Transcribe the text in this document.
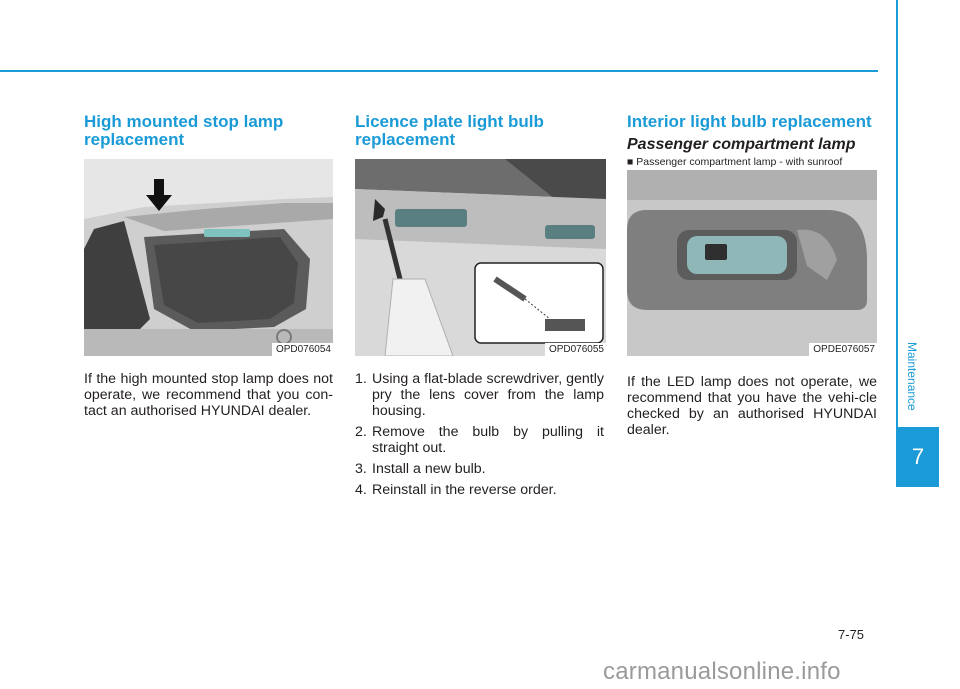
High mounted stop lamp replacement
OPD076054

If the high mounted stop lamp does not operate, we recommend that you con-tact an authorised HYUNDAI dealer.

Licence plate light bulb replacement
OPD076055
1. Using a flat-blade screwdriver, gently pry the lens cover from the lamp housing.
2. Remove the bulb by pulling it straight out.
3. Install a new bulb.
4. Reinstall in the reverse order.
Interior light bulb replacement
Passenger compartment lamp
■ Passenger compartment lamp - with sunroof
OPDE076057

If the LED lamp does not operate, we recommend that you have the vehi-cle checked by an authorised HYUNDAI dealer.

Maintenance
7
7-75
carmanualsonline.info
